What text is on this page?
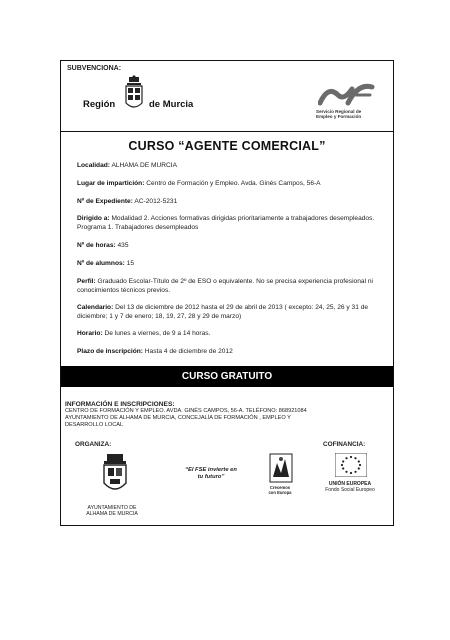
SUBVENCIONA:
Región	de Murcia
Servicio Regional de
Empleo y Formación
CURSO “AGENTE COMERCIAL”
Localidad: ALHAMA DE MURCIA
Lugar de impartición: Centro de Formación y Empleo. Avda. Ginés Campos, 56-A
Nº de Expediente: AC-2012-5231
Dirigido a: Modalidad 2. Acciones formativas dirigidas prioritariamente a trabajadores desempleados. Programa 1. Trabajadores desempleados
Nº de horas: 435
Nº de alumnos: 15
Perfil: Graduado Escolar-Título de 2º de ESO o equivalente. No se precisa experiencia profesional ni conocimientos técnicos previos.
Calendario: Del 13 de diciembre de 2012 hasta el 29 de abril de 2013 ( excepto: 24, 25, 26 y 31 de diciembre; 1 y 7 de enero; 18, 19, 27, 28 y 29 de marzo)
Horario: De lunes a viernes, de 9 a 14 horas.
Plazo de inscripción: Hasta 4 de diciembre de 2012
CURSO GRATUITO
INFORMACIÓN E INSCRIPCIONES:
CENTRO DE FORMACIÓN Y EMPLEO. AVDA. GINÉS CAMPOS, 56-A. TELÉFONO: 868921084
AYUNTAMIENTO DE ALHAMA DE MURCIA, CONCEJALÍA DE FORMACIÓN , EMPLEO Y
DESARROLLO LOCAL
ORGANIZA:	COFINANCIA:
AYUNTAMIENTO DE
ALHAMA DE MURCIA
“El FSE invierte en
tu futuro”
Crecemos
con Europa
UNIÓN EUROPEA
Fondo Social Europeo
